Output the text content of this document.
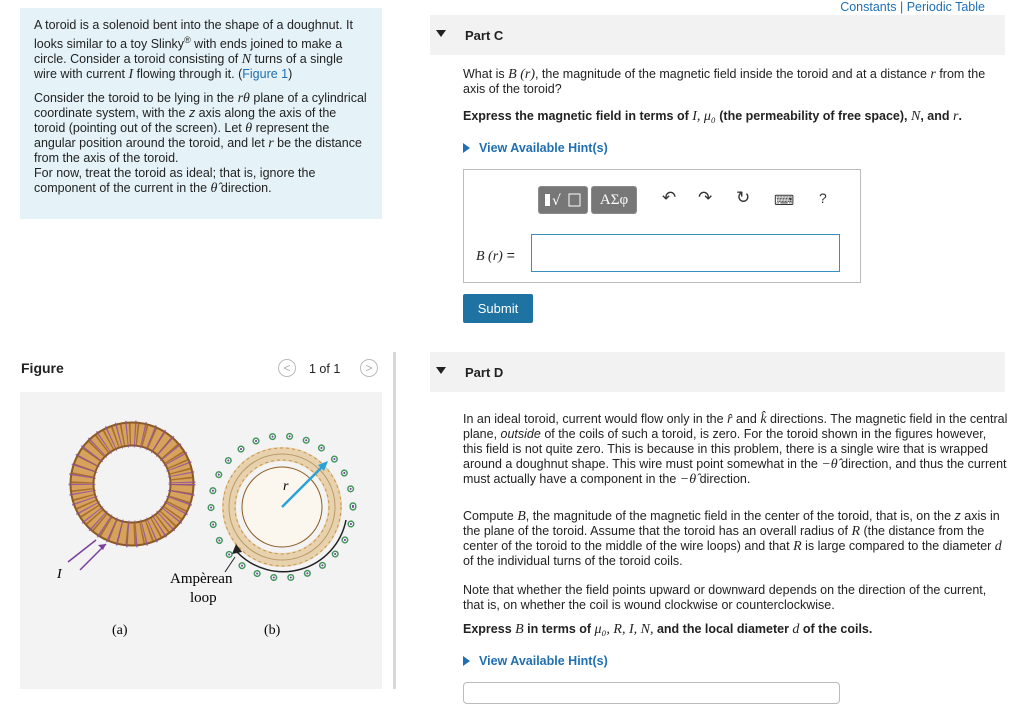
A toroid is a solenoid bent into the shape of a doughnut. It looks similar to a toy Slinky® with ends joined to make a circle. Consider a toroid consisting of N turns of a single wire with current I flowing through it. (Figure 1)

Consider the toroid to be lying in the rθ plane of a cylindrical coordinate system, with the z axis along the axis of the toroid (pointing out of the screen). Let θ represent the angular position around the toroid, and let r be the distance from the axis of the toroid.
For now, treat the toroid as ideal; that is, ignore the component of the current in the θ̂ direction.

Figure	<	1 of 1	>
I
(a)
r
Ampèrean
loop
(b)
Constants | Periodic Table
Part C
What is B (r), the magnitude of the magnetic field inside the toroid and at a distance r from the axis of the toroid?
Express the magnetic field in terms of I, μ₀ (the permeability of free space), N, and r.
View Available Hint(s)
√	ΑΣφ	↶ ↷ ↻ ⌨ ?
B (r) =
Submit
Part D
In an ideal toroid, current would flow only in the r̂ and k̂ directions. The magnetic field in the central plane, outside of the coils of such a toroid, is zero. For the toroid shown in the figures however, this field is not quite zero. This is because in this problem, there is a single wire that is wrapped around a doughnut shape. This wire must point somewhat in the −θ̂ direction, and thus the current must actually have a component in the −θ̂ direction.
Compute B, the magnitude of the magnetic field in the center of the toroid, that is, on the z axis in the plane of the toroid. Assume that the toroid has an overall radius of R (the distance from the center of the toroid to the middle of the wire loops) and that R is large compared to the diameter d of the individual turns of the toroid coils.
Note that whether the field points upward or downward depends on the direction of the current, that is, on whether the coil is wound clockwise or counterclockwise.
Express B in terms of μ₀, R, I, N, and the local diameter d of the coils.
View Available Hint(s)
